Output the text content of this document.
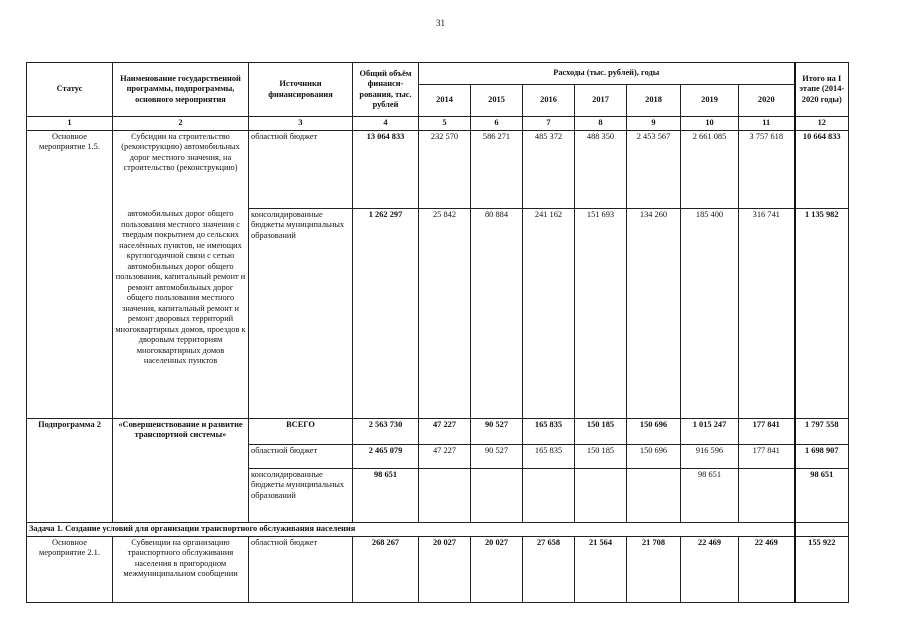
31
Статус	Наименование государственной программы, подпрограммы, основного мероприятия	Источники финансирования	Общий объём финанси-рования, тыс. рублей	Расходы (тыс. рублей), годы							Итого на I этапе (2014-2020 годы)
				2014	2015	2016	2017	2018	2019	2020	
1	2	3	4	5	6	7	8	9	10	11	12
Основное мероприятие 1.5.	Субсидии на строительство (реконструкцию) автомобильных дорог местного значения, на строительство (реконструкцию)	областной бюджет	13 064 833	232 570	586 271	485 372	488 350	2 453 567	2 661 085	3 757 618	10 664 833
	автомобильных дорог общего пользования местного значения с твердым покрытием до сельских населённых пунктов, не имеющих круглогодичной связи с сетью автомобильных дорог общего пользования, капитальный ремонт и ремонт автомобильных дорог общего пользования местного значения, капитальный ремонт и ремонт дворовых территорий многоквартирных домов, проездов к дворовым территориям многоквартирных домов населенных пунктов	консолидированные бюджеты муниципальных образований	1 262 297	25 842	80 884	241 162	151 693	134 260	185 400	316 741	1 135 982
Подпрограмма 2	«Совершенствование и развитие транспортной системы»	ВСЕГО	2 563 730	47 227	90 527	165 835	150 185	150 696	1 015 247	177 841	1 797 558
		областной бюджет	2 465 079	47 227	90 527	165 835	150 185	150 696	916 596	177 841	1 698 907
		консолидированные бюджеты муниципальных образований	98 651						98 651		98 651
Задача 1. Создание условий для организации транспортного обслуживания населения											
Основное мероприятие 2.1.	Субвенции на организацию транспортного обслуживания населения в пригородном межмуниципальном сообщении	областной бюджет	268 267	20 027	20 027	27 658	21 564	21 708	22 469	22 469	155 922
